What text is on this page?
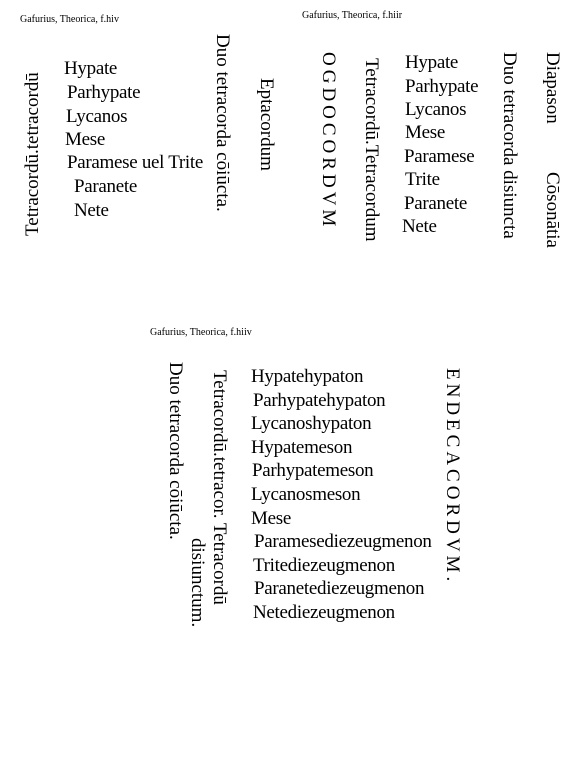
Gafurius, Theorica, f.hiv
Tetracordū.tetracordū
Hypate
Parhypate
Lycanos
Mese
Paramese uel Trite
Paranete
Nete	Duo tetracorda cōiūcta. Eptacordum
Gafurius, Theorica, f.hiir
OGDOCORDVM Tetracordū.Tetracordum Hypate
Parhypate
Lycanos
Mese
Paramese
Trite
Paranete
Nete	Duo tetracorda disiuncta Diapason
Cōsonātia
Gafurius, Theorica, f.hiiv
Duo tetracorda cōiūcta. Tetracordū.tetracor. Tetracordū
disiunctum.
Hypatehypaton
Parhypatehypaton
Lycanoshypaton
Hypatemeson
Parhypatemeson
Lycanosmeson
Mese
Paramesediezeugmenon
Tritediezeugmenon
Paranetediezeugmenon
Netediezeugmenon
ENDECACORDVM.
